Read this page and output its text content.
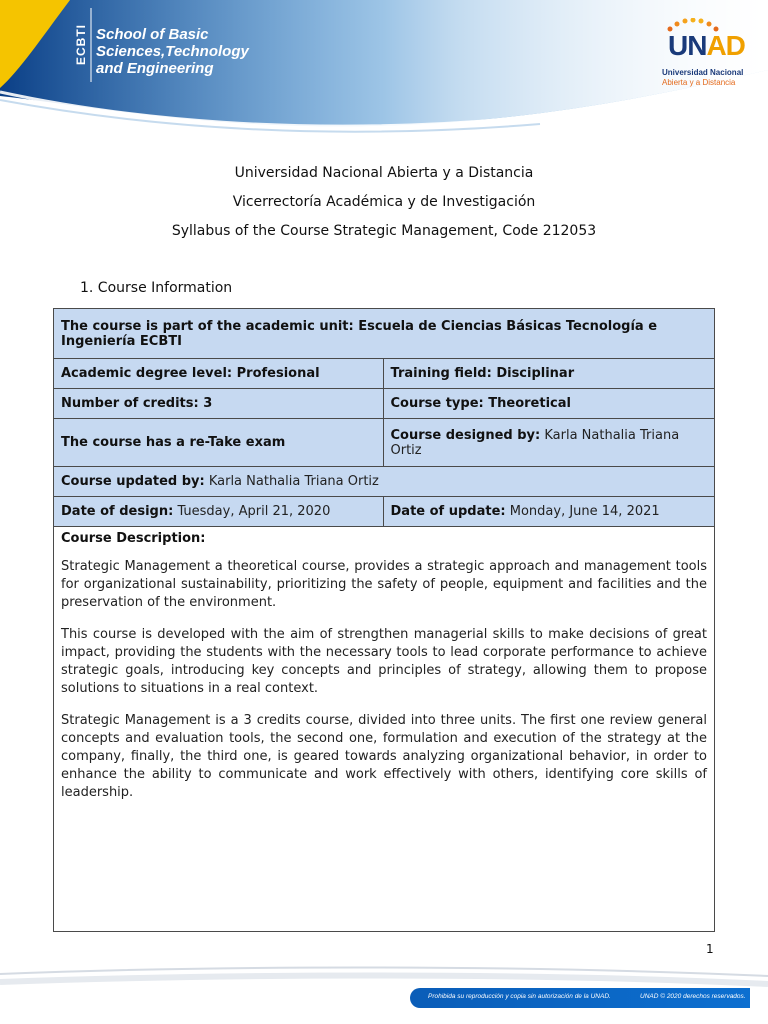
ECBTI School of Basic
Sciences,Technology
and Engineering
UNAD
Universidad Nacional
Abierta y a Distancia
Universidad Nacional Abierta y a Distancia
Vicerrectoría Académica y de Investigación
Syllabus of the Course Strategic Management, Code 212053
1. Course Information
The course is part of the academic unit: Escuela de Ciencias Básicas Tecnología e Ingeniería ECBTI	
Academic degree level: Profesional	Training field: Disciplinar
Number of credits: 3	Course type: Theoretical
The course has a re-Take exam	Course designed by: Karla Nathalia Triana Ortiz
Course updated by: Karla Nathalia Triana Ortiz	
Date of design: Tuesday, April 21, 2020	Date of update: Monday, June 14, 2021

Course Description:

Strategic Management a theoretical course, provides a strategic approach and management tools for organizational sustainability, prioritizing the safety of people, equipment and facilities and the preservation of the environment.

This course is developed with the aim of strengthen managerial skills to make decisions of great impact, providing the students with the necessary tools to lead corporate performance to achieve strategic goals, introducing key concepts and principles of strategy, allowing them to propose solutions to situations in a real context.

Strategic Management is a 3 credits course, divided into three units. The first one review general concepts and evaluation tools, the second one, formulation and execution of the strategy at the company, finally, the third one, is geared towards analyzing organizational behavior, in order to enhance the ability to communicate and work effectively with others, identifying core skills of leadership.	

1
Prohibida su reproducción y copia sin autorización de la UNAD.	UNAD © 2020 derechos reservados.
